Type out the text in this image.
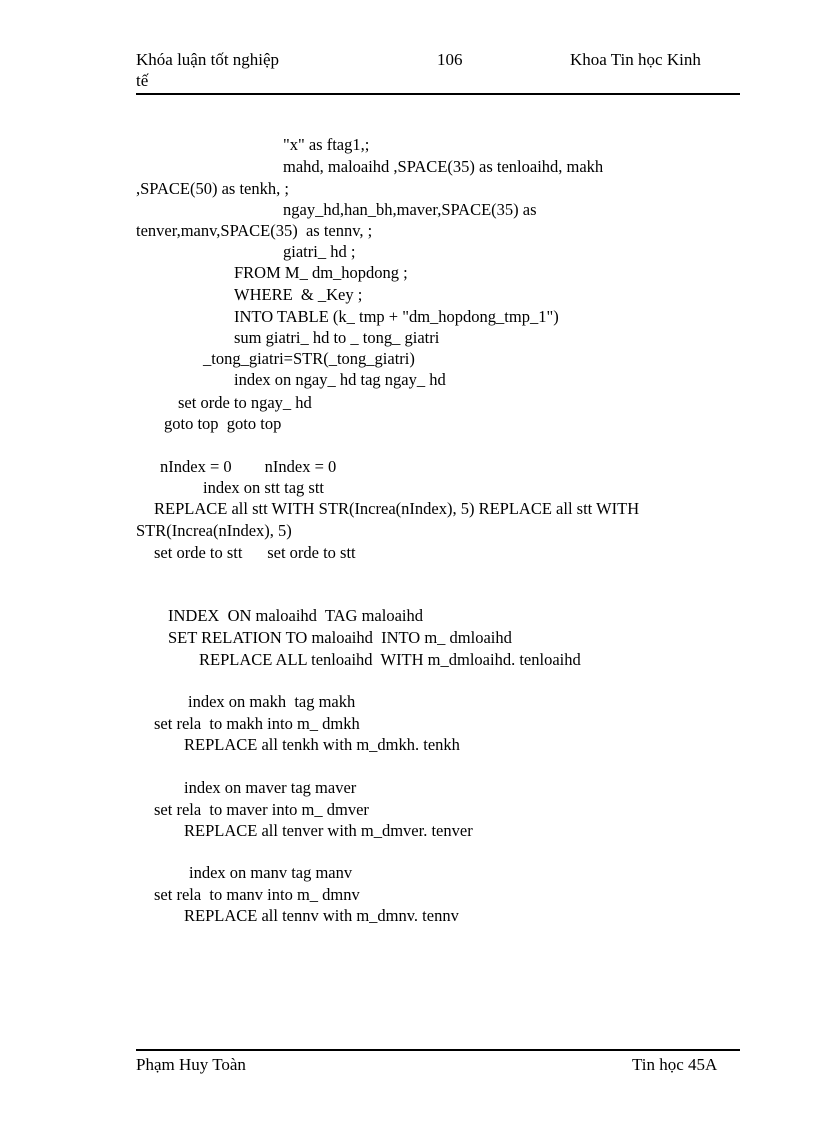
Khóa luận tốt nghiệp
tế
106	Khoa Tin học Kinh
"x" as ftag1,;
mahd, maloaihd ,SPACE(35) as tenloaihd, makh
,SPACE(50) as tenkh, ;
ngay_hd,han_bh,maver,SPACE(35) as
tenver,manv,SPACE(35)  as tennv, ;
giatri_ hd ;
FROM M_ dm_hopdong ;
WHERE  & _Key ;
INTO TABLE (k_ tmp + "dm_hopdong_tmp_1")
sum giatri_ hd to _ tong_ giatri
_tong_giatri=STR(_tong_giatri)
index on ngay_ hd tag ngay_ hd
set orde to ngay_ hd
goto top  goto top
nIndex = 0        nIndex = 0
index on stt tag stt
REPLACE all stt WITH STR(Increa(nIndex), 5) REPLACE all stt WITH
STR(Increa(nIndex), 5)
set orde to stt      set orde to stt
INDEX  ON maloaihd  TAG maloaihd
SET RELATION TO maloaihd  INTO m_ dmloaihd
REPLACE ALL tenloaihd  WITH m_dmloaihd. tenloaihd
index on makh  tag makh
set rela  to makh into m_ dmkh
REPLACE all tenkh with m_dmkh. tenkh
index on maver tag maver
set rela  to maver into m_ dmver
REPLACE all tenver with m_dmver. tenver
index on manv tag manv
set rela  to manv into m_ dmnv
REPLACE all tennv with m_dmnv. tennv
Phạm Huy Toàn	Tin học 45A
